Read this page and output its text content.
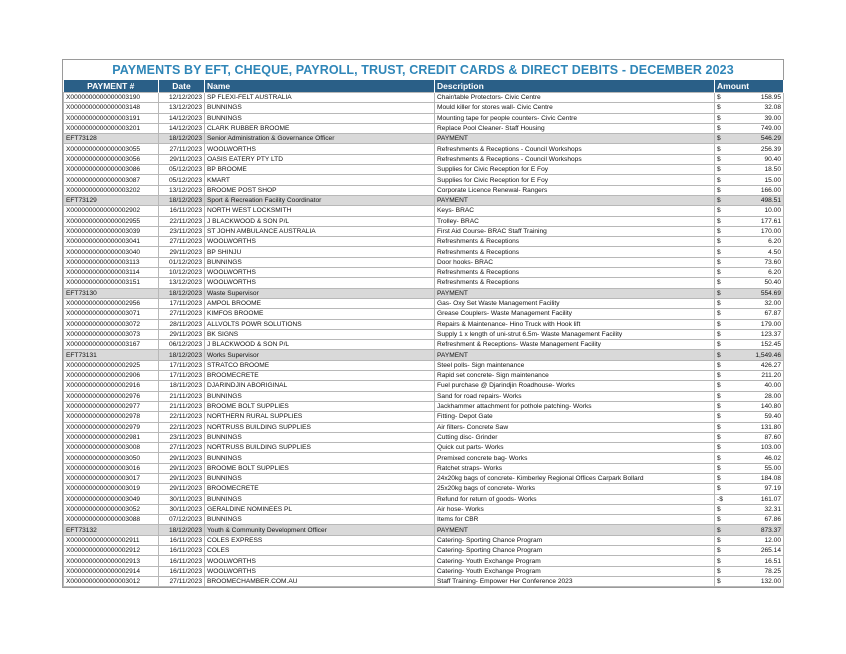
PAYMENTS BY EFT, CHEQUE, PAYROLL, TRUST, CREDIT CARDS & DIRECT DEBITS - DECEMBER 2023
PAYMENT #	Date	Name	Description	Amount
X0000000000000003190	12/12/2023	SP FLEXI-FELT AUSTRALIA	Chair/table Protectors- Civic Centre	$ 158.95

X0000000000000003148	13/12/2023	BUNNINGS	Mould killer for stores wall- Civic Centre	$ 32.08

X0000000000000003191	14/12/2023	BUNNINGS	Mounting tape for people counters- Civic Centre	$ 39.00

X0000000000000003201	14/12/2023	CLARK RUBBER BROOME	Replace Pool Cleaner- Staff Housing	$ 749.00

EFT73128	18/12/2023	Senior Administration & Governance Officer	PAYMENT	$ 546.29

X0000000000000003055	27/11/2023	WOOLWORTHS	Refreshments & Receptions - Council Workshops	$ 256.39

X0000000000000003056	29/11/2023	OASIS EATERY PTY LTD	Refreshments & Receptions - Council Workshops	$ 90.40

X0000000000000003086	05/12/2023	BP BROOME	Supplies for Civic Reception for E Foy	$ 18.50

X0000000000000003087	05/12/2023	KMART	Supplies for Civic Reception for E Foy	$ 15.00

X0000000000000003202	13/12/2023	BROOME POST SHOP	Corporate Licence Renewal- Rangers	$ 166.00

EFT73129	18/12/2023	Sport & Recreation Facility Coordinator	PAYMENT	$ 498.51

X0000000000000002902	16/11/2023	NORTH WEST LOCKSMITH	Keys- BRAC	$ 10.00

X0000000000000002955	22/11/2023	J BLACKWOOD & SON P/L	Trolley- BRAC	$ 177.61

X0000000000000003039	23/11/2023	ST JOHN AMBULANCE AUSTRALIA	First Aid Course- BRAC Staff Training	$ 170.00

X0000000000000003041	27/11/2023	WOOLWORTHS	Refreshments & Receptions	$ 6.20

X0000000000000003040	29/11/2023	BP SHINJU	Refreshments & Receptions	$ 4.50

X0000000000000003113	01/12/2023	BUNNINGS	Door hooks- BRAC	$ 73.60

X0000000000000003114	10/12/2023	WOOLWORTHS	Refreshments & Receptions	$ 6.20

X0000000000000003151	13/12/2023	WOOLWORTHS	Refreshments & Receptions	$ 50.40

EFT73130	18/12/2023	Waste Supervisor	PAYMENT	$ 554.69

X0000000000000002956	17/11/2023	AMPOL BROOME	Gas- Oxy Set Waste Management Facility	$ 32.00

X0000000000000003071	27/11/2023	KIMFOS BROOME	Grease Couplers- Waste Management Facility	$ 67.87

X0000000000000003072	28/11/2023	ALLVOLTS POWR SOLUTIONS	Repairs & Maintenance- Hino Truck with Hook lift	$ 179.00

X0000000000000003073	29/11/2023	BK SIGNS	Supply 1 x length of uni-strut 6.5m- Waste Management Facility	$ 123.37

X0000000000000003167	06/12/2023	J BLACKWOOD & SON P/L	Refreshment & Receptions- Waste Management Facility	$ 152.45

EFT73131	18/12/2023	Works Supervisor	PAYMENT	$ 1,549.46

X0000000000000002925	17/11/2023	STRATCO BROOME	Steel polls- Sign maintenance	$ 426.27

X0000000000000002906	17/11/2023	BROOMECRETE	Rapid set concrete- Sign maintenance	$ 211.20

X0000000000000002916	18/11/2023	DJARINDJIN ABORIGINAL	Fuel purchase @ Djarindjin Roadhouse- Works	$ 40.00

X0000000000000002976	21/11/2023	BUNNINGS	Sand for road repairs- Works	$ 28.00

X0000000000000002977	21/11/2023	BROOME BOLT SUPPLIES	Jackhammer attachment for pothole patching- Works	$ 140.80

X0000000000000002978	22/11/2023	NORTHERN RURAL SUPPLIES	Fitting- Depot Gate	$ 59.40

X0000000000000002979	22/11/2023	NORTRUSS BUILDING SUPPLIES	Air filters- Concrete Saw	$ 131.80

X0000000000000002981	23/11/2023	BUNNINGS	Cutting disc- Grinder	$ 87.60

X0000000000000003008	27/11/2023	NORTRUSS BUILDING SUPPLIES	Quick cut parts- Works	$ 103.00

X0000000000000003050	29/11/2023	BUNNINGS	Premixed concrete bag- Works	$ 46.02

X0000000000000003016	29/11/2023	BROOME BOLT SUPPLIES	Ratchet straps- Works	$ 55.00

X0000000000000003017	29/11/2023	BUNNINGS	24x20kg bags of concrete- Kimberley Regional Offices Carpark Bollard	$ 184.08

X0000000000000003019	29/11/2023	BROOMECRETE	25x20kg bags of concrete- Works	$ 97.19

X0000000000000003049	30/11/2023	BUNNINGS	Refund for return of goods- Works	-$ 161.07

X0000000000000003052	30/11/2023	GERALDINE NOMINEES PL	Air hose- Works	$ 32.31

X0000000000000003088	07/12/2023	BUNNINGS	Items for CBR	$ 67.86

EFT73132	18/12/2023	Youth & Community Development Officer	PAYMENT	$ 873.37

X0000000000000002911	16/11/2023	COLES EXPRESS	Catering- Sporting Chance Program	$ 12.00

X0000000000000002912	16/11/2023	COLES	Catering- Sporting Chance Program	$ 265.14

X0000000000000002913	16/11/2023	WOOLWORTHS	Catering- Youth Exchange Program	$ 16.51

X0000000000000002914	16/11/2023	WOOLWORTHS	Catering- Youth Exchange Program	$ 78.25

X0000000000000003012	27/11/2023	BROOMECHAMBER.COM.AU	Staff Training- Empower Her Conference 2023	$ 132.00
